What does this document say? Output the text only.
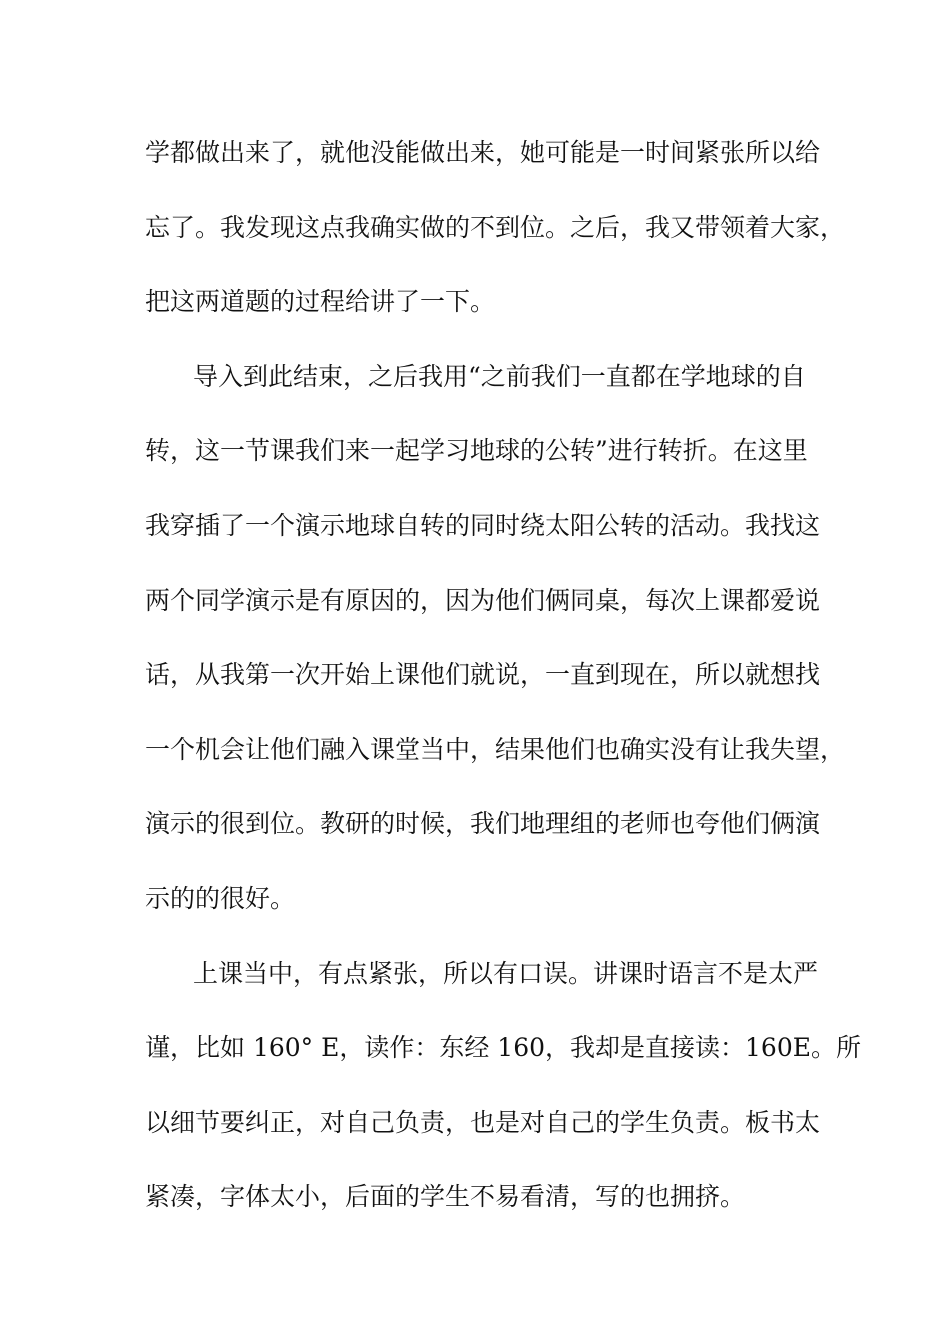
学都做出来了，就他没能做出来，她可能是一时间紧张所以给
忘了。我发现这点我确实做的不到位。之后，我又带领着大家，
把这两道题的过程给讲了一下。
导入到此结束，之后我用“之前我们一直都在学地球的自
转，这一节课我们来一起学习地球的公转”进行转折。在这里
我穿插了一个演示地球自转的同时绕太阳公转的活动。我找这
两个同学演示是有原因的，因为他们俩同桌，每次上课都爱说
话，从我第一次开始上课他们就说，一直到现在，所以就想找
一个机会让他们融入课堂当中，结果他们也确实没有让我失望，
演示的很到位。教研的时候，我们地理组的老师也夸他们俩演
示的的很好。
上课当中，有点紧张，所以有口误。讲课时语言不是太严
谨，比如 160° E，读作：东经 160，我却是直接读：160E。所
以细节要纠正，对自己负责，也是对自己的学生负责。板书太
紧凑，字体太小，后面的学生不易看清，写的也拥挤。
